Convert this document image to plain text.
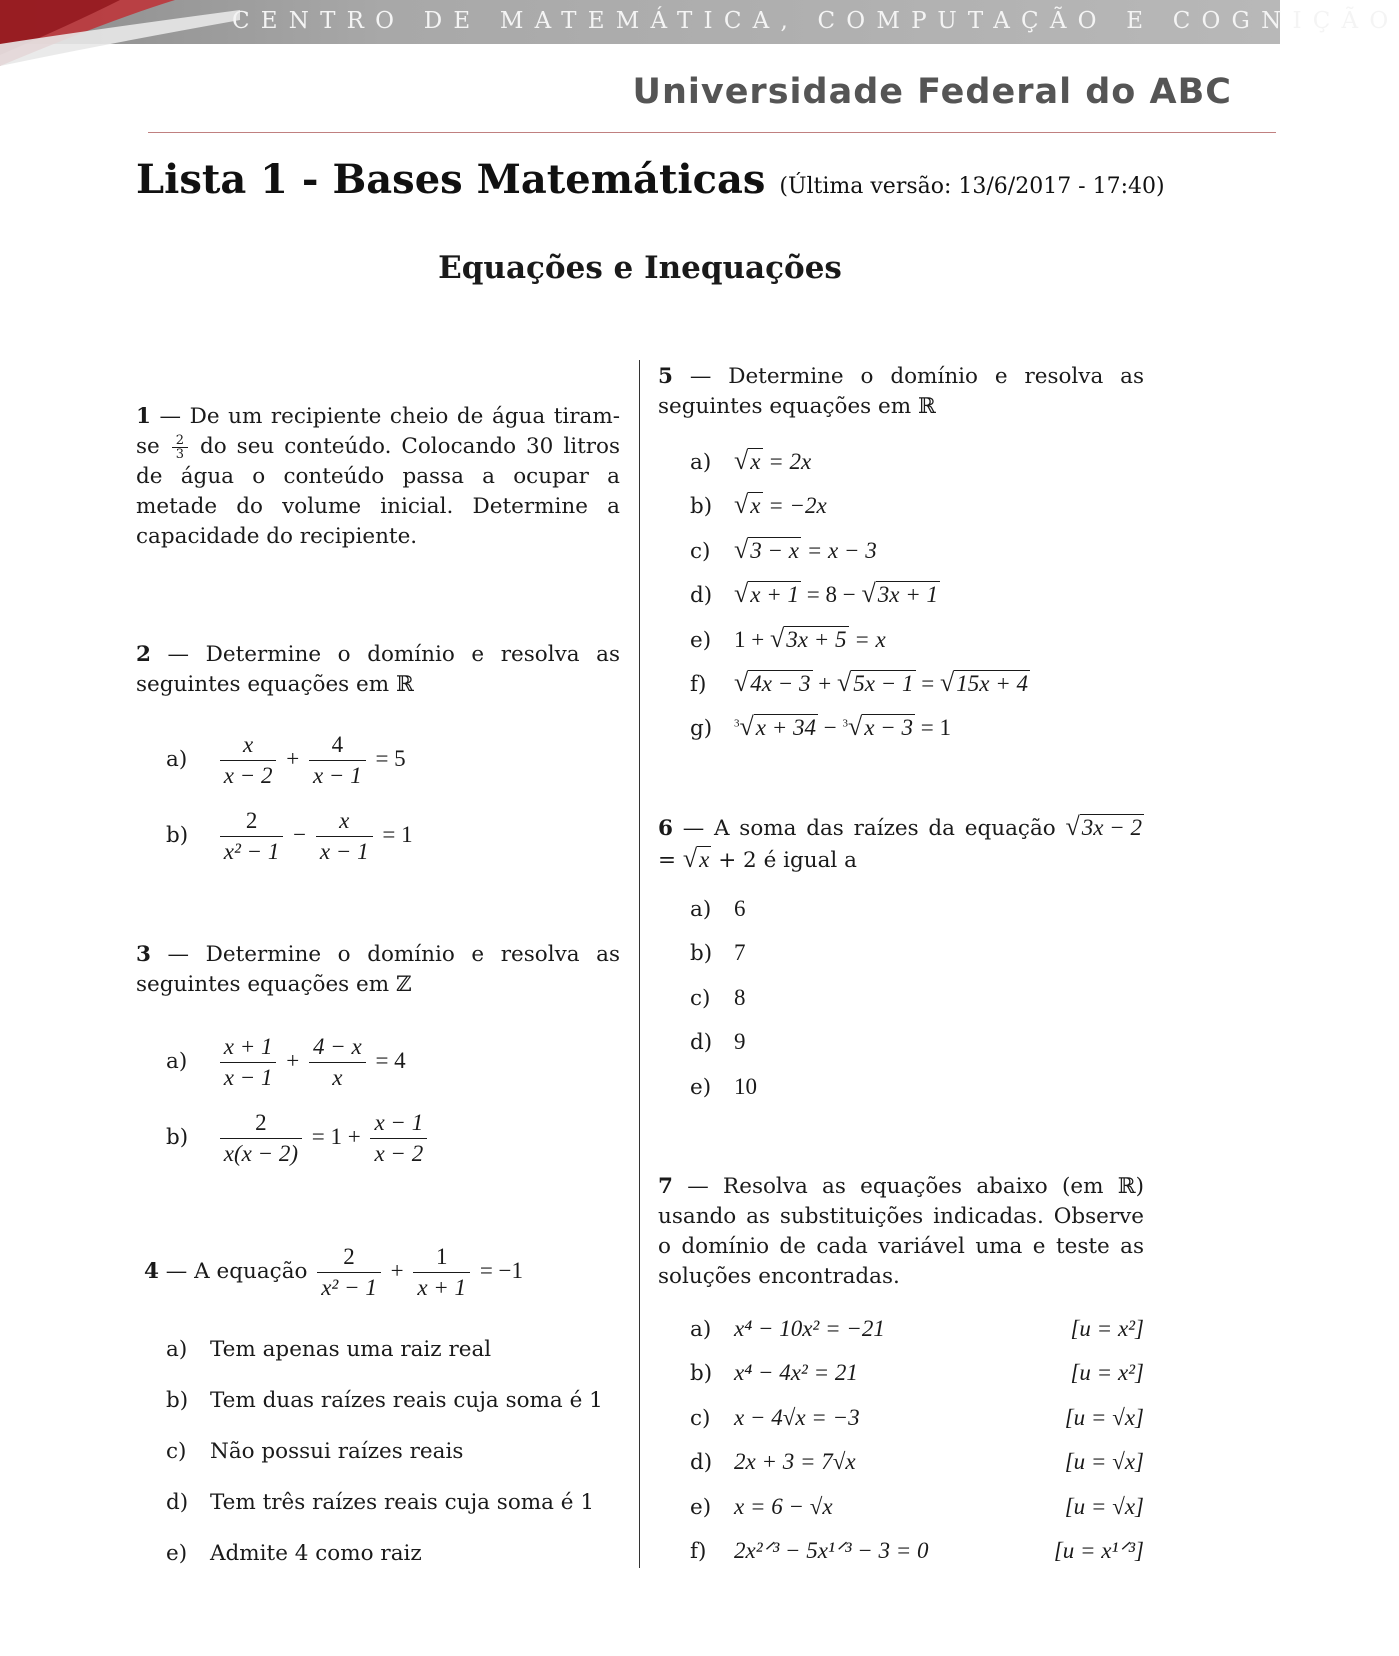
CENTRO DE MATEMÁTICA, COMPUTAÇÃO E COGNIÇÃO
Universidade Federal do ABC
Lista 1 - Bases Matemáticas (Última versão: 13/6/2017 - 17:40)
Equações e Inequações
1 — De um recipiente cheio de água tiram-se $\frac{2}{3}$ do seu conteúdo. Colocando 30 litros de água o conteúdo passa a ocupar a metade do volume inicial. Determine a capacidade do recipiente.
2 — Determine o domínio e resolva as seguintes equações em ℝ
$a) \frac{x}{x - 2} + \frac{4}{x - 1} = 5$
$b) \frac{2}{\text{x² − 1}} - \frac{x}{x - 1} = 1$
3 — Determine o domínio e resolva as seguintes equações em ℤ
$a) \frac{x + 1}{x - 1} + \frac{4 - x}{x} = 4$
$b) \frac{2}{x(x - 2)} = 1 + \frac{x - 1}{x - 2}$
4 — A equação $\frac{2}{\text{x² − 1}} + \frac{1}{x + 1} = -1$
a) Tem apenas uma raiz real
b) Tem duas raízes reais cuja soma é 1
c) Não possui raízes reais
d) Tem três raízes reais cuja soma é 1
e) Admite 4 como raiz
5 — Determine o domínio e resolva as seguintes equações em ℝ
a) √x = 2x
b) √x = −2x
c) √3 − x = x − 3
d) √x + 1 = 8 − √3x + 1
e) 1 + √3x + 5 = x
f) √4x − 3 + √5x − 1 = √15x + 4
g) $^3$√x + 34 − $^3$√x − 3 = 1
6 — A soma das raízes da equação √3x − 2 = √x + 2 é igual a
a) 6
b) 7
c) 8
d) 9
e) 10
7 — Resolva as equações abaixo (em ℝ) usando as substituições indicadas. Observe o domínio de cada variável uma e teste as soluções encontradas.
a) x⁴ − 10x² = −21	[u = x²]
b) x⁴ − 4x² = 21	[u = x²]
c) x − 4√x = −3	[u = √x]
d) 2x + 3 = 7√x	[u = √x]
e) x = 6 − √x	[u = √x]
f) 2x²ᐟ³ − 5x¹ᐟ³ − 3 = 0	[u = x¹ᐟ³]
